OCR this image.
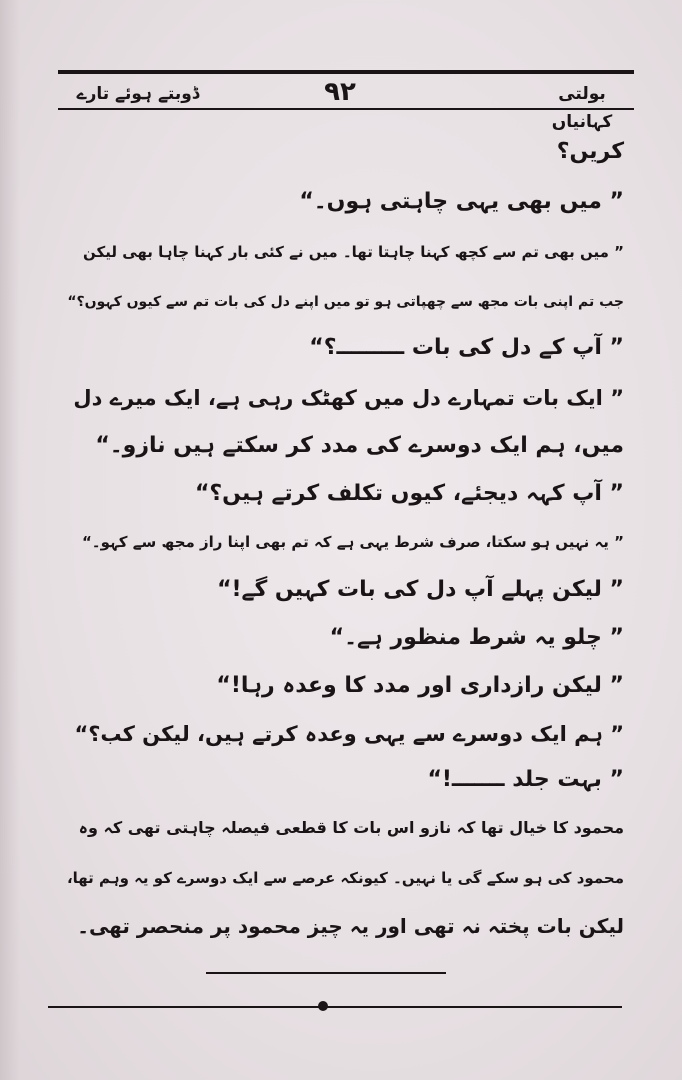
ڈوبتے ہوئے تارے	۹۲	بولتی کہانیاں
کریں؟
” میں بھی یہی چاہتی ہوں۔“
” میں بھی تم سے کچھ کہنا چاہتا تھا۔ میں نے کئی بار کہنا چاہا بھی لیکن
جب تم اپنی بات مجھ سے چھپاتی ہو تو میں اپنے دل کی بات تم سے کیوں کہوں؟“
” آپ کے دل کی بات ـــــــــ؟“
” ایک بات تمہارے دل میں کھٹک رہی ہے، ایک میرے دل
میں، ہم ایک دوسرے کی مدد کر سکتے ہیں نازو۔“
” آپ کہہ دیجئے، کیوں تکلف کرتے ہیں؟“
” یہ نہیں ہو سکتا، صرف شرط یہی ہے کہ تم بھی اپنا راز مجھ سے کہو۔“
” لیکن پہلے آپ دل کی بات کہیں گے!“
” چلو یہ شرط منظور ہے۔“
” لیکن رازداری اور مدد کا وعدہ رہا!“
” ہم ایک دوسرے سے یہی وعدہ کرتے ہیں، لیکن کب؟“
” بہت جلد ـــــــ!“
محمود کا خیال تھا کہ نازو اس بات کا قطعی فیصلہ چاہتی تھی کہ وہ
محمود کی ہو سکے گی یا نہیں۔ کیونکہ عرصے سے ایک دوسرے کو یہ وہم تھا،
لیکن بات پختہ نہ تھی اور یہ چیز محمود پر منحصر تھی۔
